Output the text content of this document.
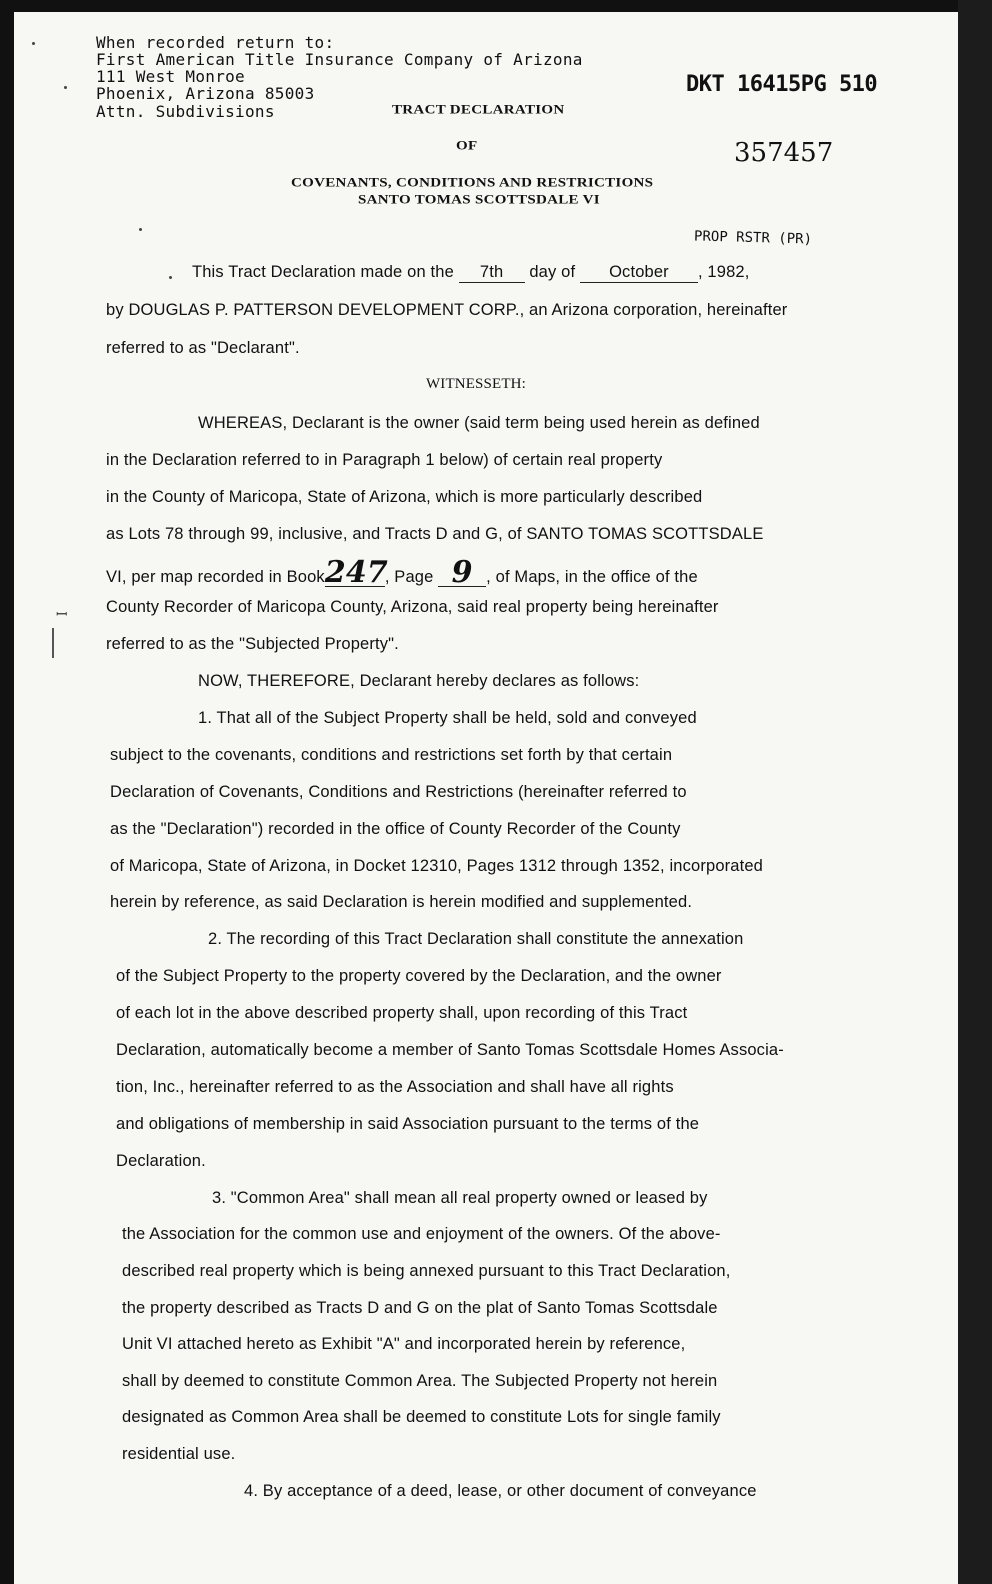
When recorded return to:
First American Title Insurance Company of Arizona
111 West Monroe
Phoenix, Arizona 85003
Attn. Subdivisions
DKT 16415PG 510
357457
PROP RSTR (PR)
TRACT DECLARATION
OF
COVENANTS, CONDITIONS AND RESTRICTIONS
SANTO TOMAS SCOTTSDALE VI
This Tract Declaration made on the 7th day of October , 1982,
by DOUGLAS P. PATTERSON DEVELOPMENT CORP., an Arizona corporation, hereinafter
referred to as "Declarant".
WITNESSETH:
WHEREAS, Declarant is the owner (said term being used herein as defined
in the Declaration referred to in Paragraph 1 below) of certain real property
in the County of Maricopa, State of Arizona, which is more particularly described
as Lots 78 through 99, inclusive, and Tracts D and G, of SANTO TOMAS SCOTTSDALE
VI, per map recorded in Book247, Page 9 , of Maps, in the office of the
County Recorder of Maricopa County, Arizona, said real property being hereinafter
referred to as the "Subjected Property".
NOW, THEREFORE, Declarant hereby declares as follows:
1. That all of the Subject Property shall be held, sold and conveyed
subject to the covenants, conditions and restrictions set forth by that certain
Declaration of Covenants, Conditions and Restrictions (hereinafter referred to
as the "Declaration") recorded in the office of County Recorder of the County
of Maricopa, State of Arizona, in Docket 12310, Pages 1312 through 1352, incorporated
herein by reference, as said Declaration is herein modified and supplemented.
2. The recording of this Tract Declaration shall constitute the annexation
of the Subject Property to the property covered by the Declaration, and the owner
of each lot in the above described property shall, upon recording of this Tract
Declaration, automatically become a member of Santo Tomas Scottsdale Homes Associa-
tion, Inc., hereinafter referred to as the Association and shall have all rights
and obligations of membership in said Association pursuant to the terms of the
Declaration.
3. "Common Area" shall mean all real property owned or leased by
the Association for the common use and enjoyment of the owners. Of the above-
described real property which is being annexed pursuant to this Tract Declaration,
the property described as Tracts D and G on the plat of Santo Tomas Scottsdale
Unit VI attached hereto as Exhibit "A" and incorporated herein by reference,
shall by deemed to constitute Common Area. The Subjected Property not herein
designated as Common Area shall be deemed to constitute Lots for single family
residential use.
4. By acceptance of a deed, lease, or other document of conveyance
ꟷ
